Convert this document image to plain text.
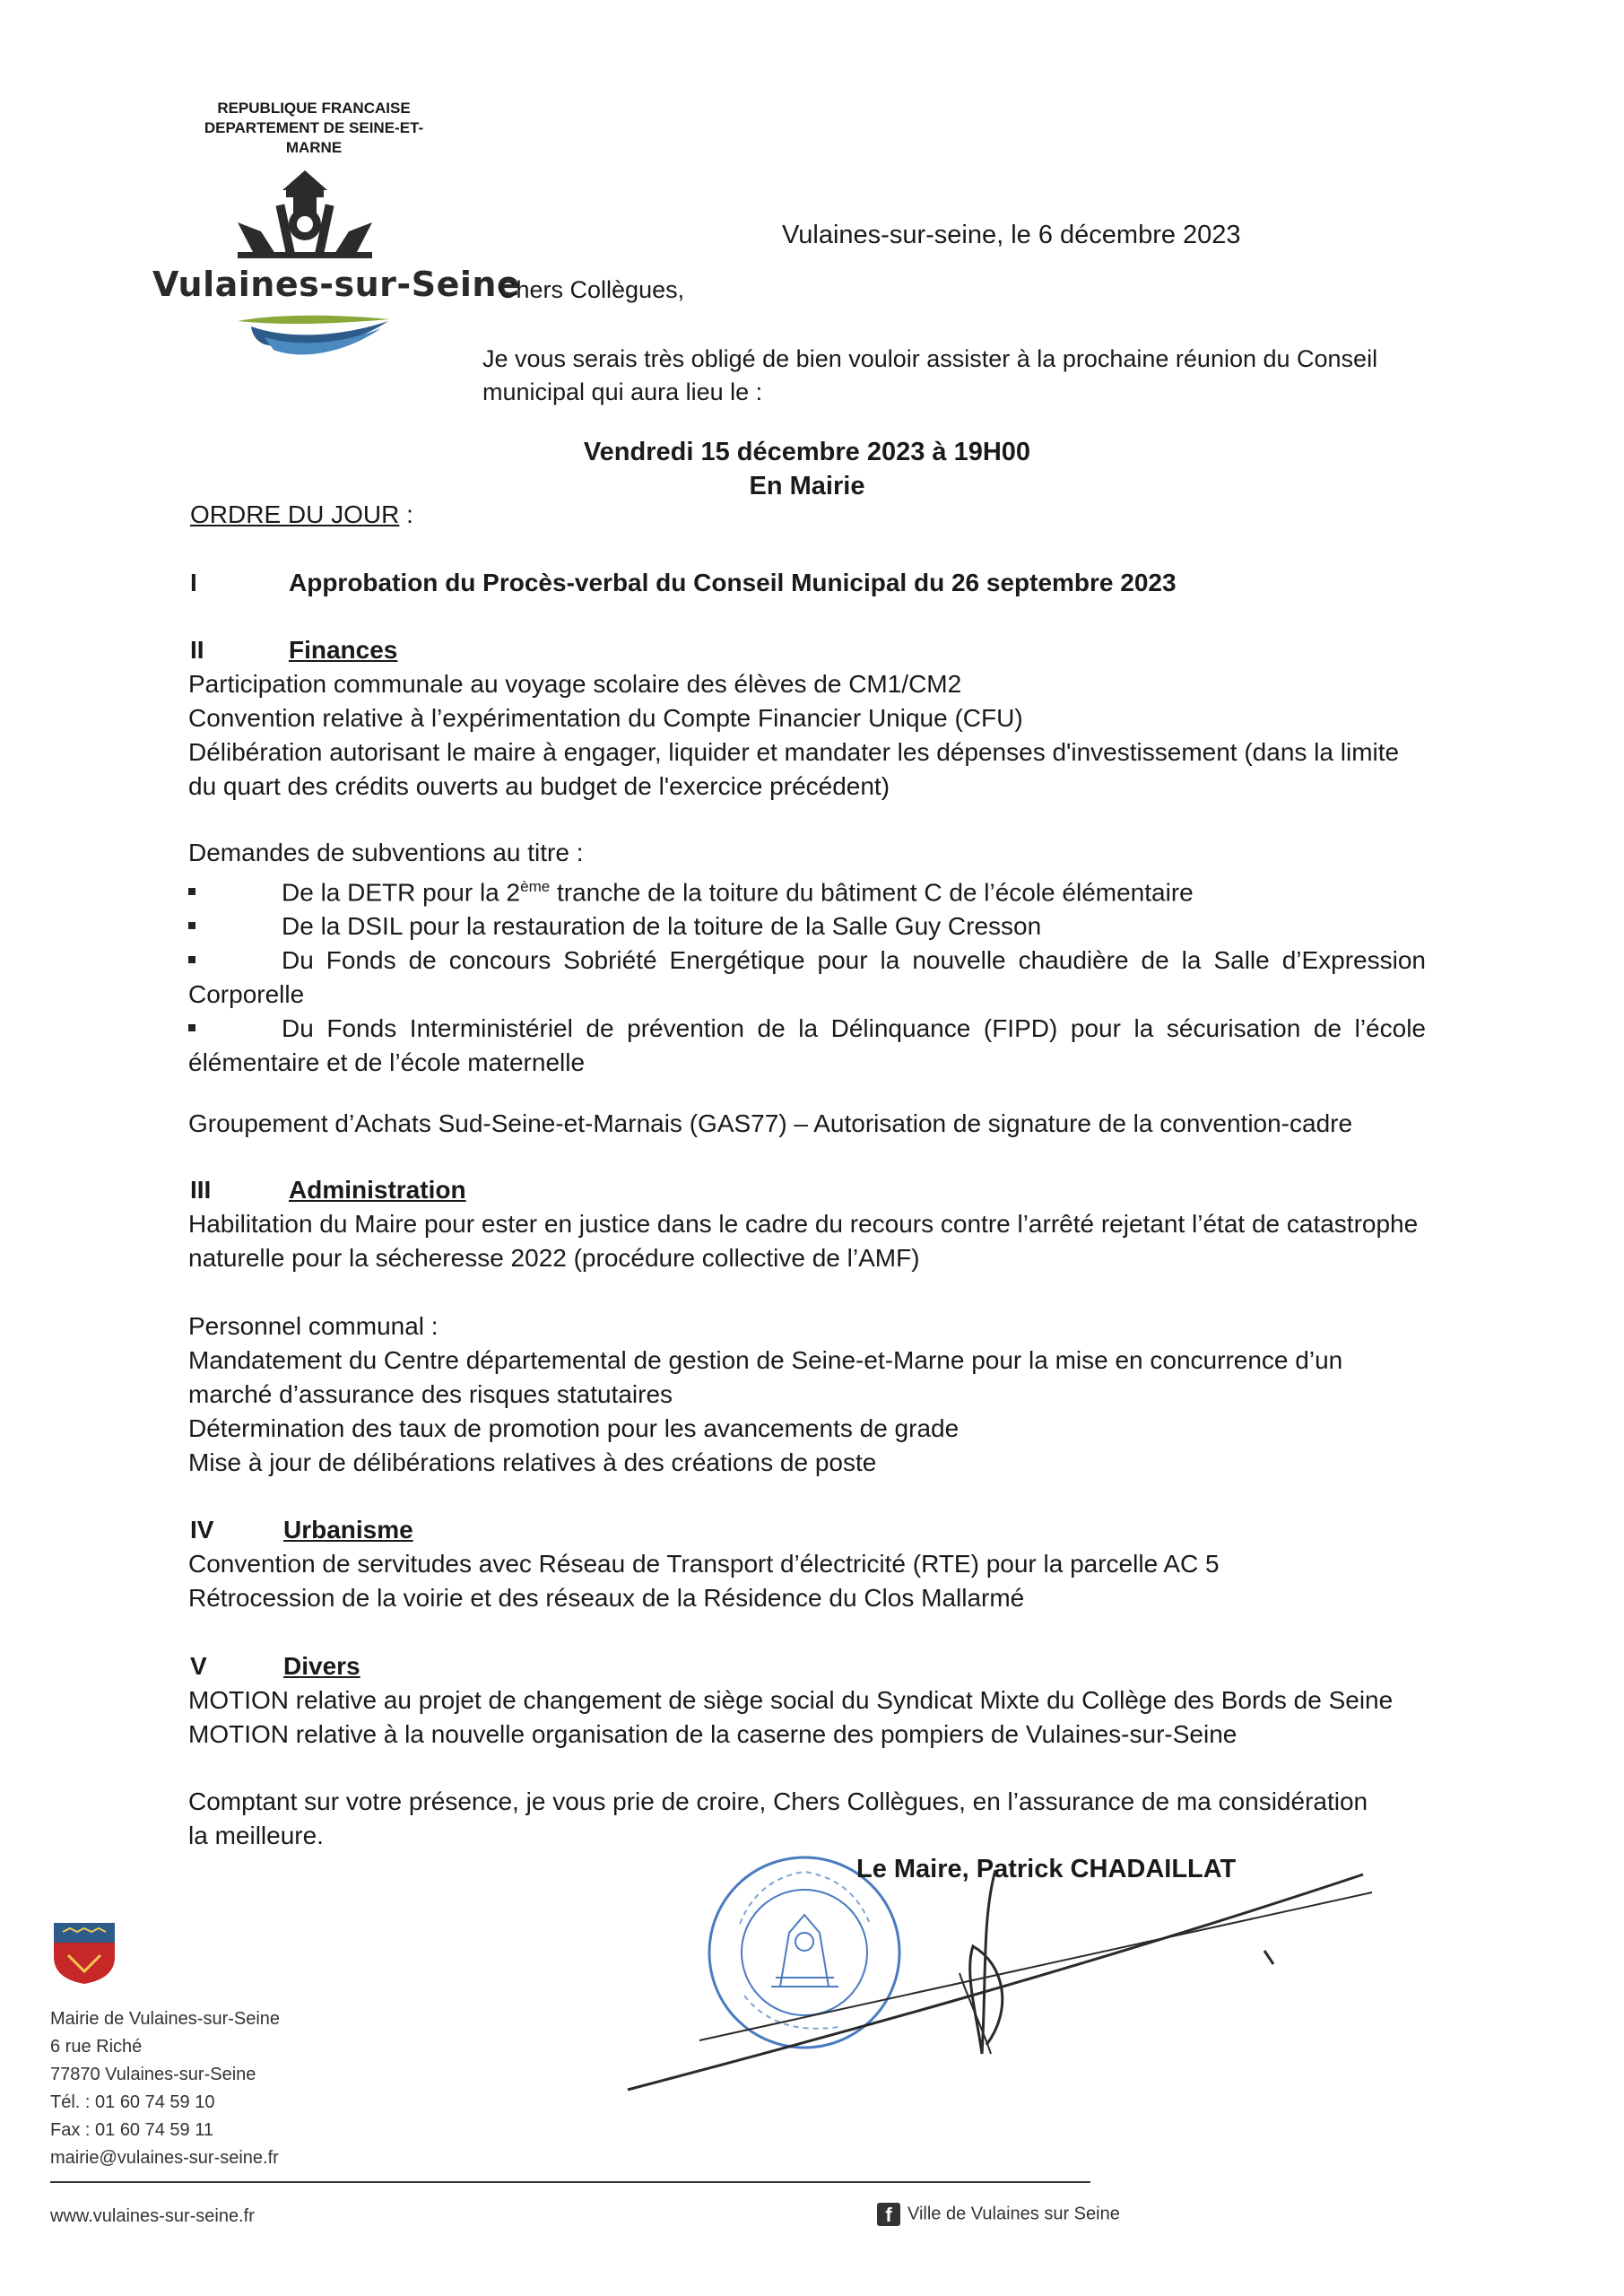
REPUBLIQUE FRANCAISE
DEPARTEMENT DE SEINE-ET-
MARNE
Vulaines-sur-Seine
Vulaines-sur-seine, le 6 décembre 2023
Chers Collègues,
Je vous serais très obligé de bien vouloir assister à la prochaine réunion du Conseil municipal qui aura lieu le :
Vendredi 15 décembre 2023 à 19H00
En Mairie
ORDRE DU JOUR :
I	Approbation du Procès-verbal du Conseil Municipal du 26 septembre 2023
II	Finances
Participation communale au voyage scolaire des élèves de CM1/CM2
Convention relative à l’expérimentation du Compte Financier Unique (CFU)
Délibération autorisant le maire à engager, liquider et mandater les dépenses d'investissement (dans la limite du quart des crédits ouverts au budget de l'exercice précédent)
Demandes de subventions au titre :
De la DETR pour la 2ème tranche de la toiture du bâtiment C de l’école élémentaire
De la DSIL pour la restauration de la toiture de la Salle Guy Cresson
Du Fonds de concours Sobriété Energétique pour la nouvelle chaudière de la Salle d’Expression Corporelle
Du Fonds Interministériel de prévention de la Délinquance (FIPD) pour la sécurisation de l’école élémentaire et de l’école maternelle
Groupement d’Achats Sud-Seine-et-Marnais (GAS77) – Autorisation de signature de la convention-cadre
III	Administration
Habilitation du Maire pour ester en justice dans le cadre du recours contre l’arrêté rejetant l’état de catastrophe naturelle pour la sécheresse 2022 (procédure collective de l’AMF)
Personnel communal :
Mandatement du Centre départemental de gestion de Seine-et-Marne pour la mise en concurrence d’un marché d’assurance des risques statutaires
Détermination des taux de promotion pour les avancements de grade
Mise à jour de délibérations relatives à des créations de poste
IV	Urbanisme
Convention de servitudes avec Réseau de Transport d’électricité (RTE) pour la parcelle AC 5
Rétrocession de la voirie et des réseaux de la Résidence du Clos Mallarmé
V	Divers
MOTION relative au projet de changement de siège social du Syndicat Mixte du Collège des Bords de Seine
MOTION relative à la nouvelle organisation de la caserne des pompiers de Vulaines-sur-Seine
Comptant sur votre présence, je vous prie de croire, Chers Collègues, en l’assurance de ma considération la meilleure.
Le Maire, Patrick CHADAILLAT
Mairie de Vulaines-sur-Seine
6 rue Riché
77870 Vulaines-sur-Seine
Tél. : 01 60 74 59 10
Fax : 01 60 74 59 11
mairie@vulaines-sur-seine.fr
www.vulaines-sur-seine.fr	f Ville de Vulaines sur Seine
